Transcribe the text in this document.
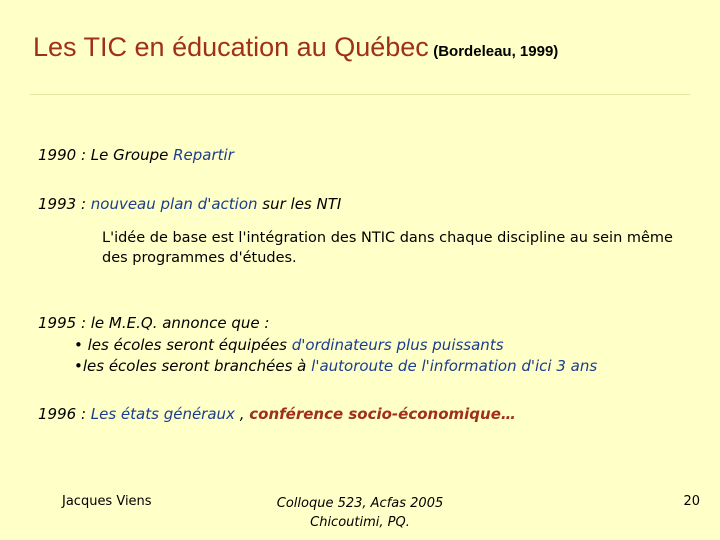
Les TIC en éducation au Québec (Bordeleau, 1999)
1990 : Le Groupe Repartir
1993 : nouveau plan d'action sur les NTI
L'idée de base est l'intégration des NTIC dans chaque discipline au sein même des programmes d'études.
1995 : le M.E.Q. annonce que :
• les écoles seront équipées d'ordinateurs plus puissants
•les écoles seront branchées à l'autoroute de l'information d'ici 3 ans
1996 : Les états généraux , conférence socio-économique…
Jacques Viens	Colloque 523, Acfas 2005
Chicoutimi, PQ.
20
